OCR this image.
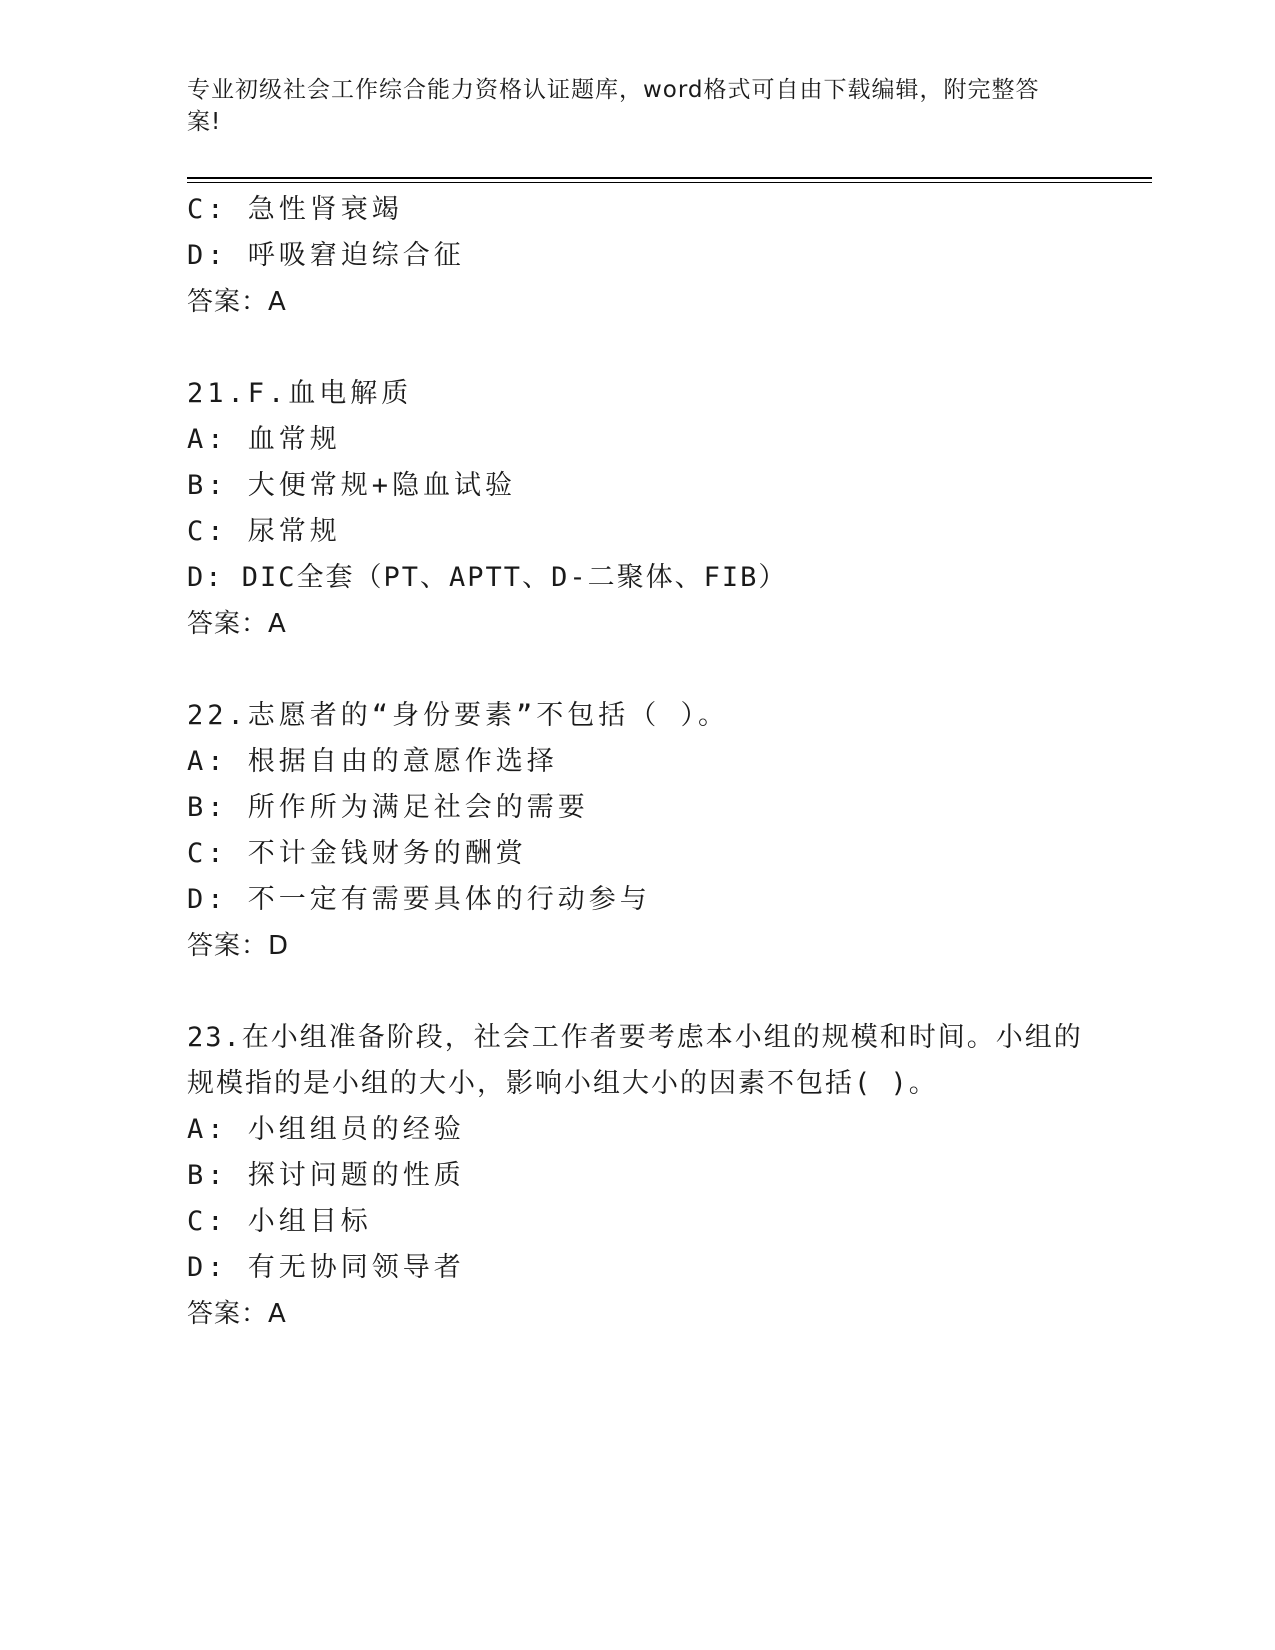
专业初级社会工作综合能力资格认证题库，word格式可自由下载编辑，附完整答
案!
C: 急性肾衰竭
D: 呼吸窘迫综合征
答案：A
21.F.血电解质
A: 血常规
B: 大便常规+隐血试验
C: 尿常规
D: DIC全套（PT、APTT、D-二聚体、FIB）
答案：A
22.志愿者的“身份要素”不包括（ ）。
A: 根据自由的意愿作选择
B: 所作所为满足社会的需要
C: 不计金钱财务的酬赏
D: 不一定有需要具体的行动参与
答案：D
23.在小组准备阶段，社会工作者要考虑本小组的规模和时间。小组的
规模指的是小组的大小，影响小组大小的因素不包括( )。
A: 小组组员的经验
B: 探讨问题的性质
C: 小组目标
D: 有无协同领导者
答案：A
